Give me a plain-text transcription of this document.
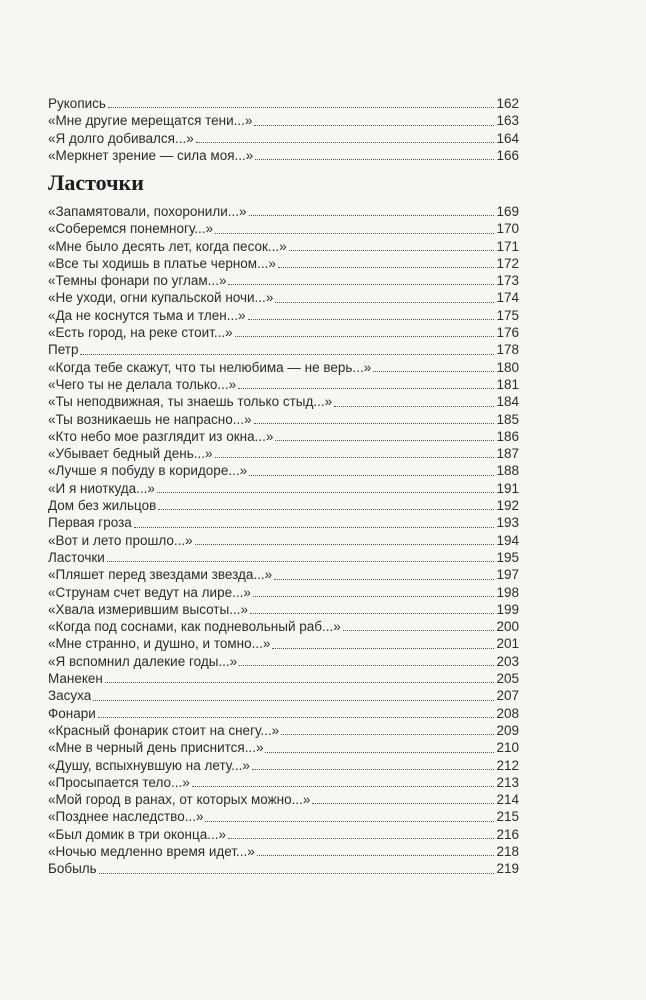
Рукопись	162
«Мне другие мерещатся тени...»	163
«Я долго добивался...»	164
«Меркнет зрение — сила моя...»	166
Ласточки
«Запамятовали, похоронили...»	169
«Соберемся понемногу...»	170
«Мне было десять лет, когда песок...»	171
«Все ты ходишь в платье черном...»	172
«Темны фонари по углам...»	173
«Не уходи, огни купальской ночи...»	174
«Да не коснутся тьма и тлен...»	175
«Есть город, на реке стоит...»	176
Петр	178
«Когда тебе скажут, что ты нелюбима — не верь...»	180
«Чего ты не делала только...»	181
«Ты неподвижная, ты знаешь только стыд...»	184
«Ты возникаешь не напрасно...»	185
«Кто небо мое разглядит из окна...»	186
«Убывает бедный день...»	187
«Лучше я побуду в коридоре...»	188
«И я ниоткуда...»	191
Дом без жильцов	192
Первая гроза	193
«Вот и лето прошло...»	194
Ласточки	195
«Пляшет перед звездами звезда...»	197
«Струнам счет ведут на лире...»	198
«Хвала измерившим высоты...»	199
«Когда под соснами, как подневольный раб...»	200
«Мне странно, и душно, и томно...»	201
«Я вспомнил далекие годы...»	203
Манекен	205
Засуха	207
Фонари	208
«Красный фонарик стоит на снегу...»	209
«Мне в черный день приснится...»	210
«Душу, вспыхнувшую на лету...»	212
«Просыпается тело...»	213
«Мой город в ранах, от которых можно...»	214
«Позднее наследство...»	215
«Был домик в три оконца...»	216
«Ночью медленно время идет...»	218
Бобыль	219
